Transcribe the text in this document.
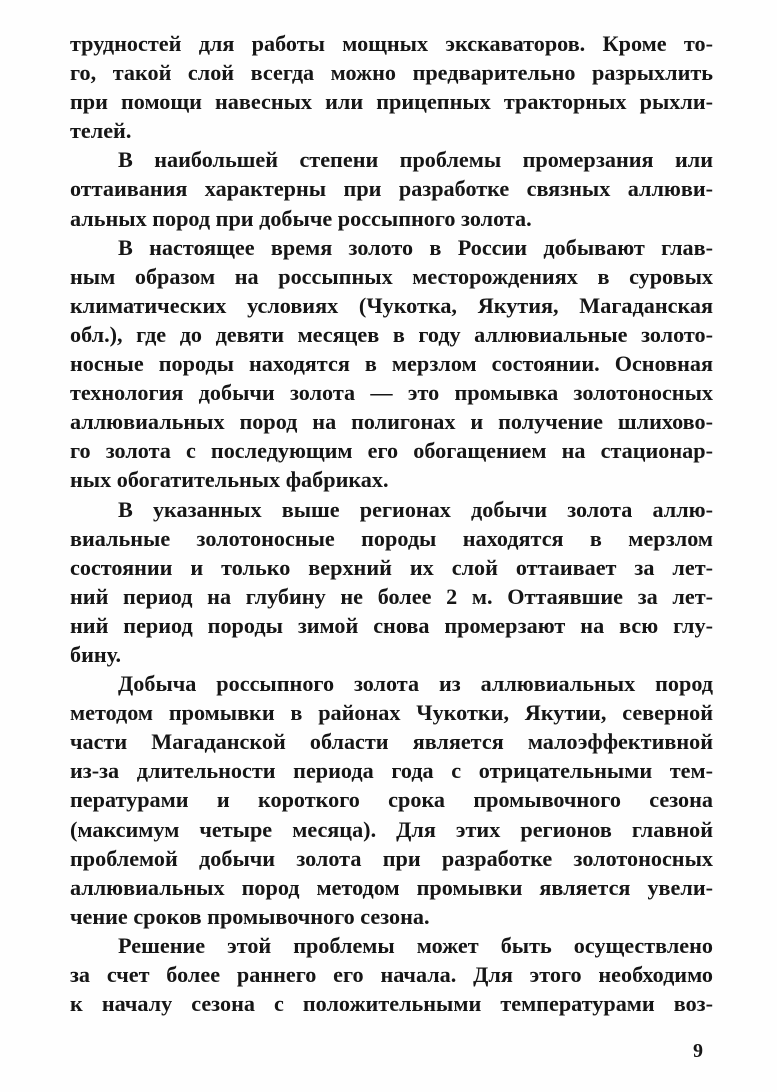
трудностей для работы мощных экскаваторов. Кроме то-
го, такой слой всегда можно предварительно разрыхлить
при помощи навесных или прицепных тракторных рыхли-
телей.
В наибольшей степени проблемы промерзания или
оттаивания характерны при разработке связных аллюви-
альных пород при добыче россыпного золота.
В настоящее время золото в России добывают глав-
ным образом на россыпных месторождениях в суровых
климатических условиях (Чукотка, Якутия, Магаданская
обл.), где до девяти месяцев в году аллювиальные золото-
носные породы находятся в мерзлом состоянии. Основная
технология добычи золота — это промывка золотоносных
аллювиальных пород на полигонах и получение шлихово-
го золота с последующим его обогащением на стационар-
ных обогатительных фабриках.
В указанных выше регионах добычи золота аллю-
виальные золотоносные породы находятся в мерзлом
состоянии и только верхний их слой оттаивает за лет-
ний период на глубину не более 2 м. Оттаявшие за лет-
ний период породы зимой снова промерзают на всю глу-
бину.
Добыча россыпного золота из аллювиальных пород
методом промывки в районах Чукотки, Якутии, северной
части Магаданской области является малоэффективной
из-за длительности периода года с отрицательными тем-
пературами и короткого срока промывочного сезона
(максимум четыре месяца). Для этих регионов главной
проблемой добычи золота при разработке золотоносных
аллювиальных пород методом промывки является увели-
чение сроков промывочного сезона.
Решение этой проблемы может быть осуществлено
за счет более раннего его начала. Для этого необходимо
к началу сезона с положительными температурами воз-
9
